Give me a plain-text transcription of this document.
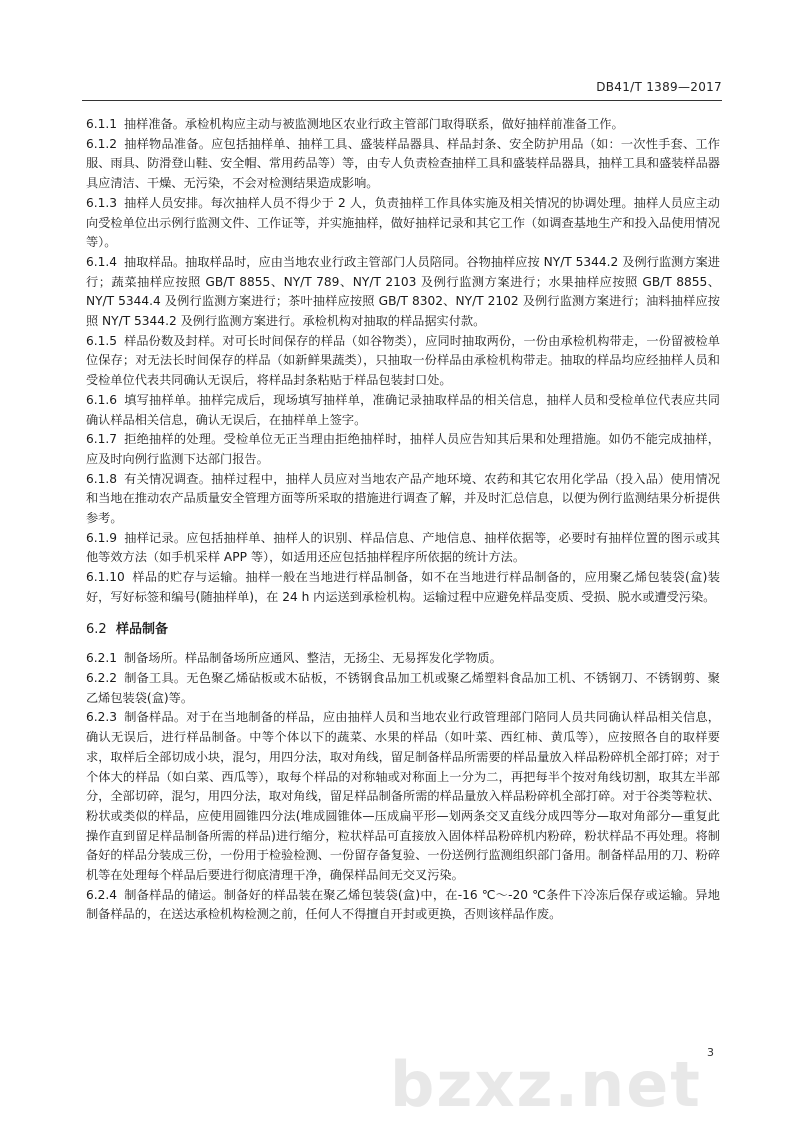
DB41/T 1389—2017

6.1.1 抽样准备。承检机构应主动与被监测地区农业行政主管部门取得联系，做好抽样前准备工作。

6.1.2 抽样物品准备。应包括抽样单、抽样工具、盛装样品器具、样品封条、安全防护用品（如：一次性手套、工作服、雨具、防滑登山鞋、安全帽、常用药品等）等，由专人负责检查抽样工具和盛装样品器具，抽样工具和盛装样品器具应清洁、干燥、无污染，不会对检测结果造成影响。

6.1.3 抽样人员安排。每次抽样人员不得少于 2 人，负责抽样工作具体实施及相关情况的协调处理。抽样人员应主动向受检单位出示例行监测文件、工作证等，并实施抽样，做好抽样记录和其它工作（如调查基地生产和投入品使用情况等）。

6.1.4 抽取样品。抽取样品时，应由当地农业行政主管部门人员陪同。谷物抽样应按 NY/T 5344.2 及例行监测方案进行；蔬菜抽样应按照 GB/T 8855、NY/T 789、NY/T 2103 及例行监测方案进行；水果抽样应按照 GB/T 8855、NY/T 5344.4 及例行监测方案进行；茶叶抽样应按照 GB/T 8302、NY/T 2102 及例行监测方案进行；油料抽样应按照 NY/T 5344.2 及例行监测方案进行。承检机构对抽取的样品据实付款。

6.1.5 样品份数及封样。对可长时间保存的样品（如谷物类），应同时抽取两份，一份由承检机构带走，一份留被检单位保存；对无法长时间保存的样品（如新鲜果蔬类），只抽取一份样品由承检机构带走。抽取的样品均应经抽样人员和受检单位代表共同确认无误后，将样品封条粘贴于样品包装封口处。

6.1.6 填写抽样单。抽样完成后，现场填写抽样单，准确记录抽取样品的相关信息，抽样人员和受检单位代表应共同确认样品相关信息，确认无误后，在抽样单上签字。

6.1.7 拒绝抽样的处理。受检单位无正当理由拒绝抽样时，抽样人员应告知其后果和处理措施。如仍不能完成抽样，应及时向例行监测下达部门报告。

6.1.8 有关情况调查。抽样过程中，抽样人员应对当地农产品产地环境、农药和其它农用化学品（投入品）使用情况和当地在推动农产品质量安全管理方面等所采取的措施进行调查了解，并及时汇总信息，以便为例行监测结果分析提供参考。

6.1.9 抽样记录。应包括抽样单、抽样人的识别、样品信息、产地信息、抽样依据等，必要时有抽样位置的图示或其他等效方法（如手机采样 APP 等），如适用还应包括抽样程序所依据的统计方法。

6.1.10 样品的贮存与运输。抽样一般在当地进行样品制备，如不在当地进行样品制备的，应用聚乙烯包装袋(盒)装好，写好标签和编号(随抽样单)，在 24 h 内运送到承检机构。运输过程中应避免样品变质、受损、脱水或遭受污染。

6.2 样品制备

6.2.1 制备场所。样品制备场所应通风、整洁，无扬尘、无易挥发化学物质。

6.2.2 制备工具。无色聚乙烯砧板或木砧板，不锈钢食品加工机或聚乙烯塑料食品加工机、不锈钢刀、不锈钢剪、聚乙烯包装袋(盒)等。

6.2.3 制备样品。对于在当地制备的样品，应由抽样人员和当地农业行政管理部门陪同人员共同确认样品相关信息，确认无误后，进行样品制备。中等个体以下的蔬菜、水果的样品（如叶菜、西红柿、黄瓜等），应按照各自的取样要求，取样后全部切成小块，混匀，用四分法，取对角线，留足制备样品所需要的样品量放入样品粉碎机全部打碎；对于个体大的样品（如白菜、西瓜等），取每个样品的对称轴或对称面上一分为二，再把每半个按对角线切割，取其左半部分，全部切碎，混匀，用四分法，取对角线，留足样品制备所需的样品量放入样品粉碎机全部打碎。对于谷类等粒状、粉状或类似的样品，应使用圆锥四分法(堆成圆锥体—压成扁平形—划两条交叉直线分成四等分—取对角部分—重复此操作直到留足样品制备所需的样品)进行缩分，粒状样品可直接放入固体样品粉碎机内粉碎，粉状样品不再处理。将制备好的样品分装成三份，一份用于检验检测、一份留存备复验、一份送例行监测组织部门备用。制备样品用的刀、粉碎机等在处理每个样品后要进行彻底清理干净，确保样品间无交叉污染。

6.2.4 制备样品的储运。制备好的样品装在聚乙烯包装袋(盒)中，在-16 ℃～-20 ℃条件下冷冻后保存或运输。异地制备样品的，在送达承检机构检测之前，任何人不得擅自开封或更换，否则该样品作废。

bzxz.net 3
